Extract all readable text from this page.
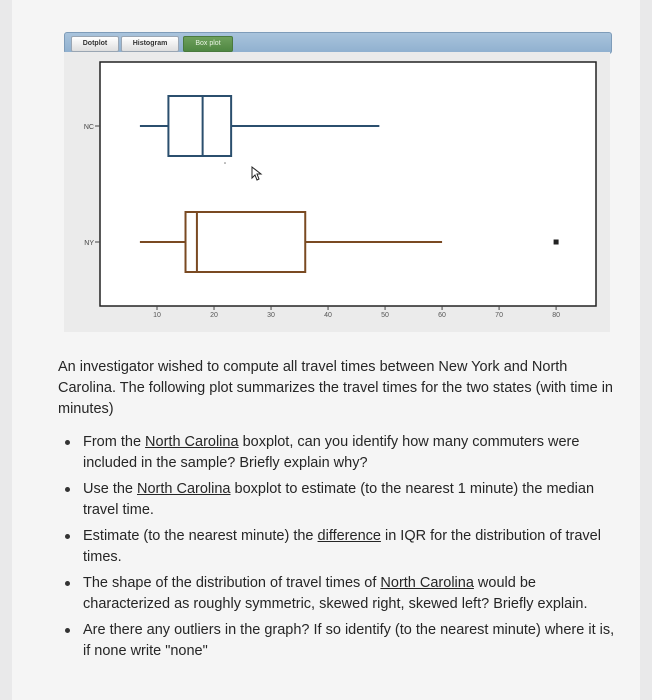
Dotplot	Histogram	Box plot
10	20	30	40	50	60	70	80
NC
NY
An investigator wished to compute all travel times between New York and North Carolina. The following plot summarizes the travel times for the two states (with time in minutes)
From the North Carolina boxplot, can you identify how many commuters were included in the sample? Briefly explain why?
Use the North Carolina boxplot to estimate (to the nearest 1 minute) the median travel time.
Estimate (to the nearest minute) the difference in IQR for the distribution of travel times.
The shape of the distribution of travel times of North Carolina would be characterized as roughly symmetric, skewed right, skewed left? Briefly explain.
Are there any outliers in the graph? If so identify (to the nearest minute) where it is, if none write "none"
